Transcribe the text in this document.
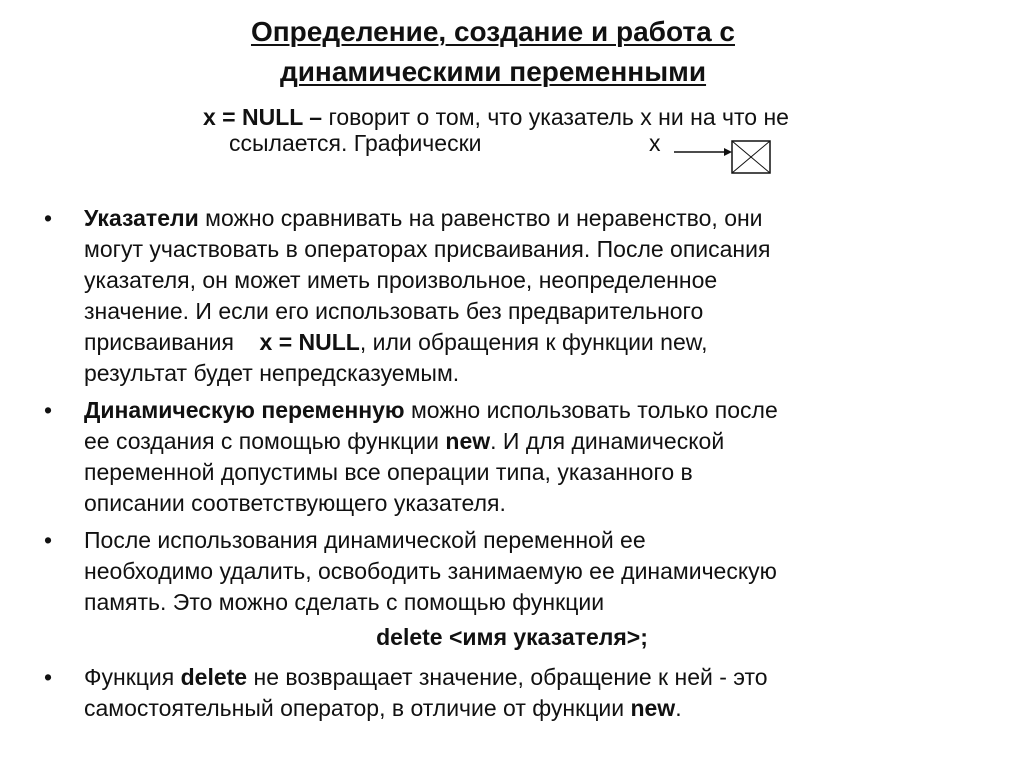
Определение, создание и работа с
динамическими переменными
x = NULL – говорит о том, что указатель x ни на что не
ссылается. Графически	x
• Указатели можно сравнивать на равенство и неравенство, они
могут участвовать в операторах присваивания. После описания
указателя, он может иметь произвольное, неопределенное
значение. И если его использовать без предварительного
присваивания    x = NULL, или обращения к функции new,
результат будет непредсказуемым.
• Динамическую переменную можно использовать только после
ее создания с помощью функции new. И для динамической
переменной допустимы все операции типа, указанного в
описании соответствующего указателя.
• После использования динамической переменной ее
необходимо удалить, освободить занимаемую ее динамическую
память. Это можно сделать с помощью функции
delete <имя указателя>;
• Функция delete не возвращает значение, обращение к ней - это
самостоятельный оператор, в отличие от функции new.
